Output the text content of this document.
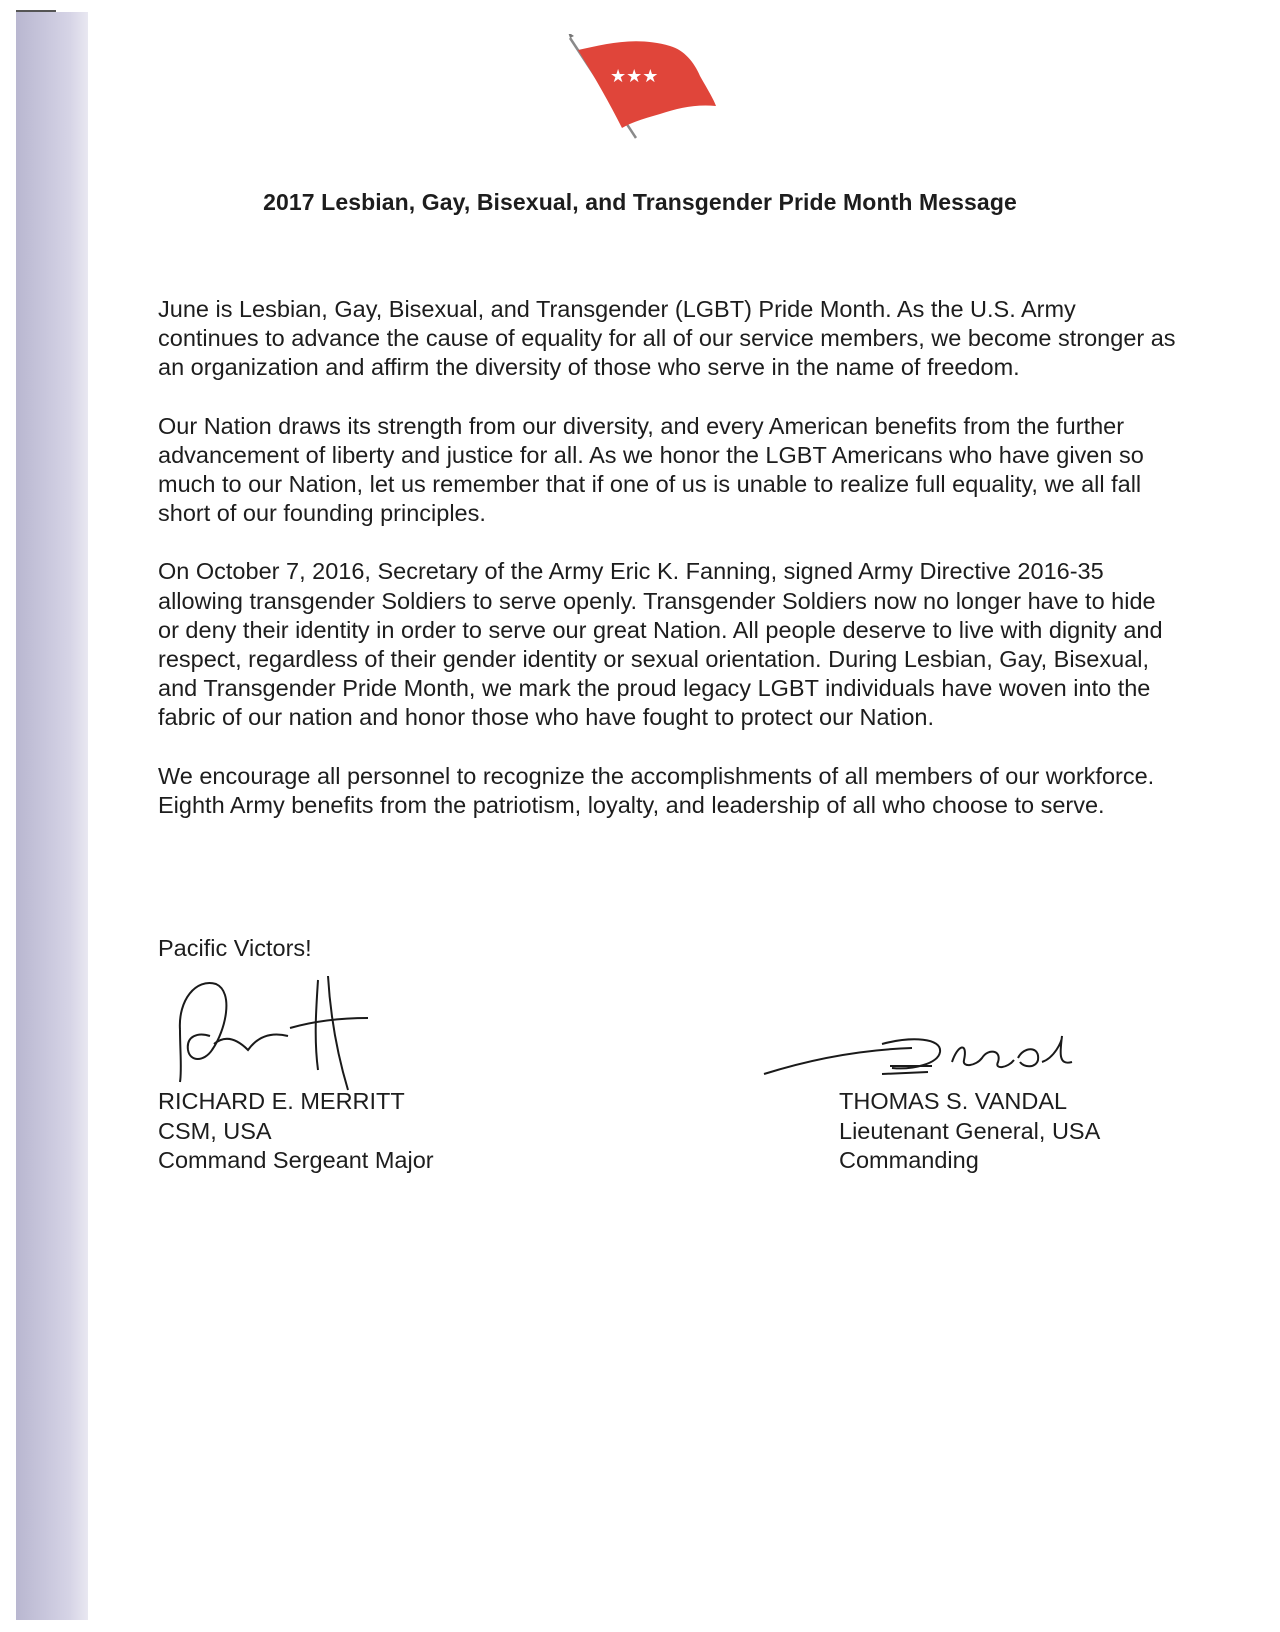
★★★
2017 Lesbian, Gay, Bisexual, and Transgender Pride Month Message

June is Lesbian, Gay, Bisexual, and Transgender (LGBT) Pride Month. As the U.S. Army continues to advance the cause of equality for all of our service members, we become stronger as an organization and affirm the diversity of those who serve in the name of freedom.

Our Nation draws its strength from our diversity, and every American benefits from the further advancement of liberty and justice for all. As we honor the LGBT Americans who have given so much to our Nation, let us remember that if one of us is unable to realize full equality, we all fall short of our founding principles.

On October 7, 2016, Secretary of the Army Eric K. Fanning, signed Army Directive 2016-35 allowing transgender Soldiers to serve openly. Transgender Soldiers now no longer have to hide or deny their identity in order to serve our great Nation. All people deserve to live with dignity and respect, regardless of their gender identity or sexual orientation. During Lesbian, Gay, Bisexual, and Transgender Pride Month, we mark the proud legacy LGBT individuals have woven into the fabric of our nation and honor those who have fought to protect our Nation.

We encourage all personnel to recognize the accomplishments of all members of our workforce. Eighth Army benefits from the patriotism, loyalty, and leadership of all who choose to serve.

Pacific Victors!
RICHARD E. MERRITT
CSM, USA
Command Sergeant Major
THOMAS S. VANDAL
Lieutenant General, USA
Commanding
